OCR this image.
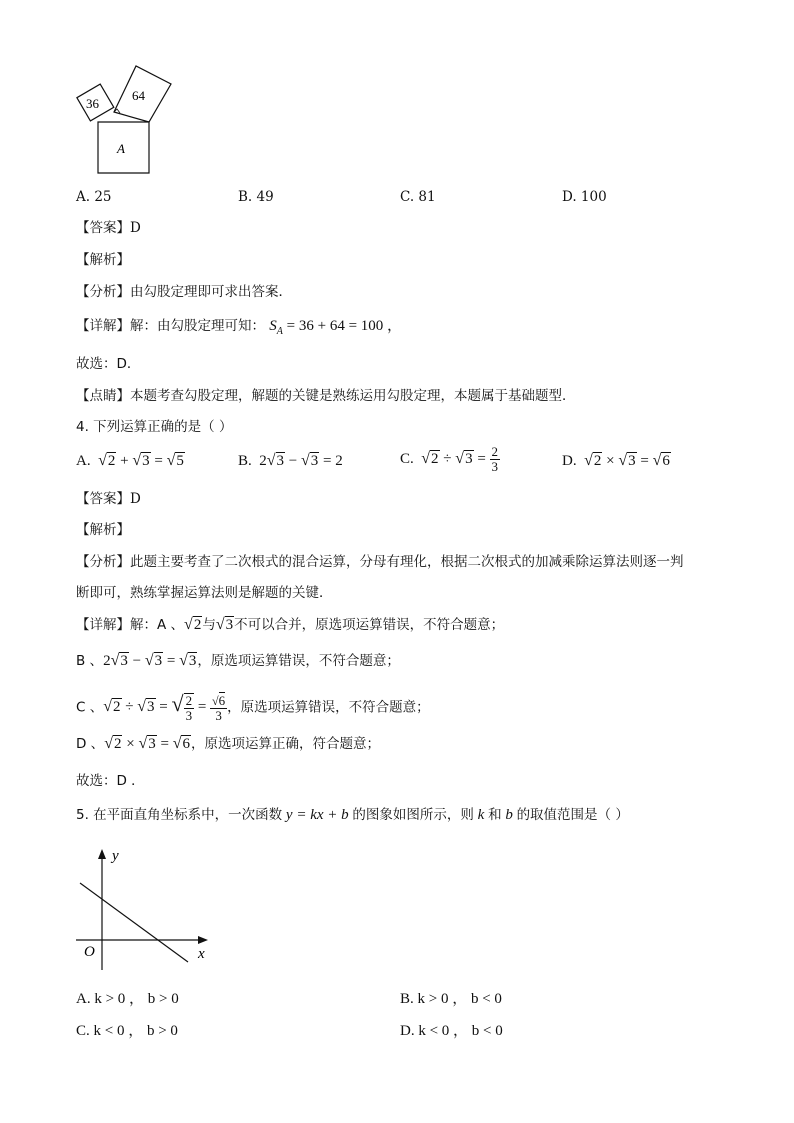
36
64
A
A. 25	B. 49	C. 81	D. 100
【答案】D
【解析】
【分析】由勾股定理即可求出答案．
【详解】解：由勾股定理可知： $S_A = 36 + 64 = 100$ ，
故选：D．
【点睛】本题考查勾股定理，解题的关键是熟练运用勾股定理，本题属于基础题型．
4. 下列运算正确的是（ ）
A.  √2 + √3 = √5	B.  2√3 − √3 = 2	C.  $√2 \div √3 = \frac{2}{3}$	D.  √2 × √3 = √6
【答案】D
【解析】
【分析】此题主要考查了二次根式的混合运算，分母有理化，根据二次根式的加减乘除运算法则逐一判
断即可，熟练掌握运算法则是解题的关键．
【详解】解：A 、√2与√3不可以合并，原选项运算错误，不符合题意；
B 、2√3 − √3 = √3，原选项运算错误，不符合题意；
C 、√2 ÷ √3 = √ $\frac{2}{3} = \frac{√6}{3}$ ，原选项运算错误，不符合题意；
D 、√2 × √3 = √6，原选项运算正确，符合题意；
故选：D ．
5. 在平面直角坐标系中，一次函数 y = kx + b 的图象如图所示，则 k 和 b 的取值范围是（ ）
y
x
O
A. k > 0 ， b > 0	B. k > 0 ， b < 0
C. k < 0 ， b > 0	D. k < 0 ， b < 0
